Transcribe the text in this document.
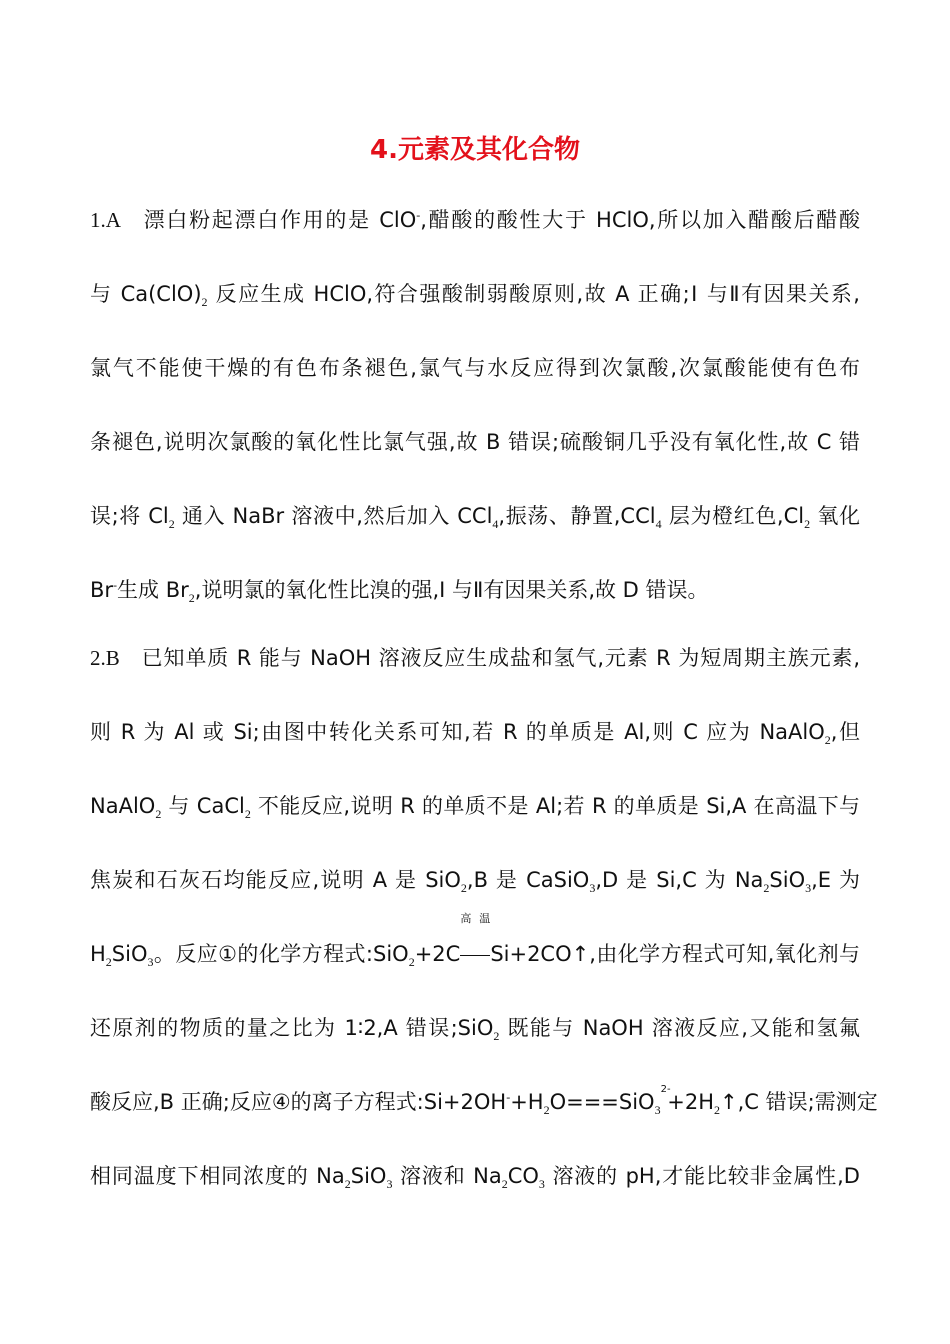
4.元素及其化合物
1.A  漂白粉起漂白作用的是 ClO-,醋酸的酸性大于 HClO,所以加入醋酸后醋酸
与 $Ca(ClO)_2$ 反应生成 HClO,符合强酸制弱酸原则,故 A 正确;Ⅰ 与Ⅱ有因果关系,
氯气不能使干燥的有色布条褪色,氯气与水反应得到次氯酸,次氯酸能使有色布
条褪色,说明次氯酸的氧化性比氯气强,故 B 错误;硫酸铜几乎没有氧化性,故 C 错
误;将 $Cl_2$ 通入 NaBr 溶液中,然后加入 CCl$_4$,振荡、静置,CCl$_4$ 层为橙红色$,Cl_2$ 氧化
Br-生成 $Br_2$,说明氯的氧化性比溴的强,Ⅰ 与Ⅱ有因果关系,故 D 错误。
2.B  已知单质 R 能与 NaOH 溶液反应生成盐和氢气,元素 R 为短周期主族元素,
则 R 为 Al 或 Si;由图中转化关系可知,若 R 的单质是 Al,则 C 应为 NaAlO$_2$,但
NaAlO$_2$ 与 CaCl$_2$ 不能反应,说明 R 的单质不是 Al;若 R 的单质是 Si,A 在高温下与
焦炭和石灰石均能反应,说明 A 是 SiO$_2$,B 是 CaSiO$_3$,D 是 Si,C 为 $Na_2SiO_3,E$ 为
$H_2SiO_3$。反应①的化学方程式:SiO$_2$+2C
高温
Si+2CO↑,由化学方程式可知,氧化剂与
还原剂的物质的量之比为 1∶2,A 错误;SiO$_2$ 既能与 NaOH 溶液反应,又能和氢氟
酸反应,B 正确;反应④的离子方程式$:Si+2OH^-+H_2O===SiO_3$
2-
$+2H_2↑,C$ 错误;需测定
相同温度下相同浓度的 $Na_2SiO_3$ 溶液和 $Na_2CO_3$ 溶液的 pH,才能比较非金属性,D
